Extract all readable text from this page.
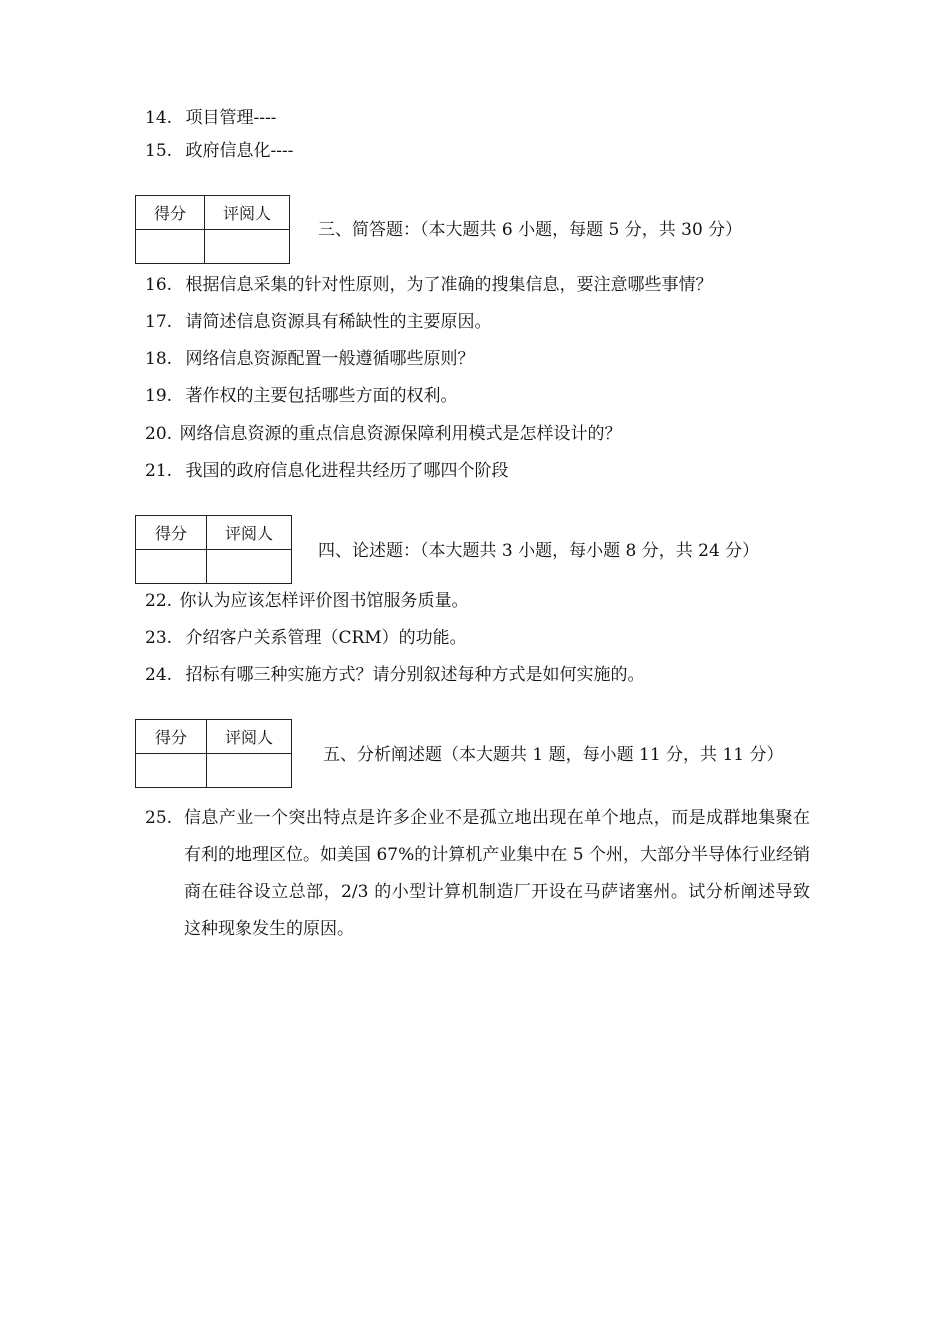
14. 项目管理----
15. 政府信息化----
得分	评阅人

三、简答题：（本大题共 6 小题，每题 5 分，共 30 分）
16. 根据信息采集的针对性原则，为了准确的搜集信息，要注意哪些事情？
17. 请简述信息资源具有稀缺性的主要原因。
18. 网络信息资源配置一般遵循哪些原则？
19. 著作权的主要包括哪些方面的权利。
20. 网络信息资源的重点信息资源保障利用模式是怎样设计的？
21. 我国的政府信息化进程共经历了哪四个阶段
得分	评阅人

四、论述题：（本大题共 3 小题，每小题 8 分，共 24 分）
22. 你认为应该怎样评价图书馆服务质量。
23. 介绍客户关系管理（CRM）的功能。
24. 招标有哪三种实施方式？请分别叙述每种方式是如何实施的。
得分	评阅人

五、分析阐述题（本大题共 1 题，每小题 11 分，共 11 分）
25. 信息产业一个突出特点是许多企业不是孤立地出现在单个地点，而是成群地集聚在有利的地理区位。如美国 67%的计算机产业集中在 5 个州，大部分半导体行业经销商在硅谷设立总部，2/3 的小型计算机制造厂开设在马萨诸塞州。试分析阐述导致这种现象发生的原因。
